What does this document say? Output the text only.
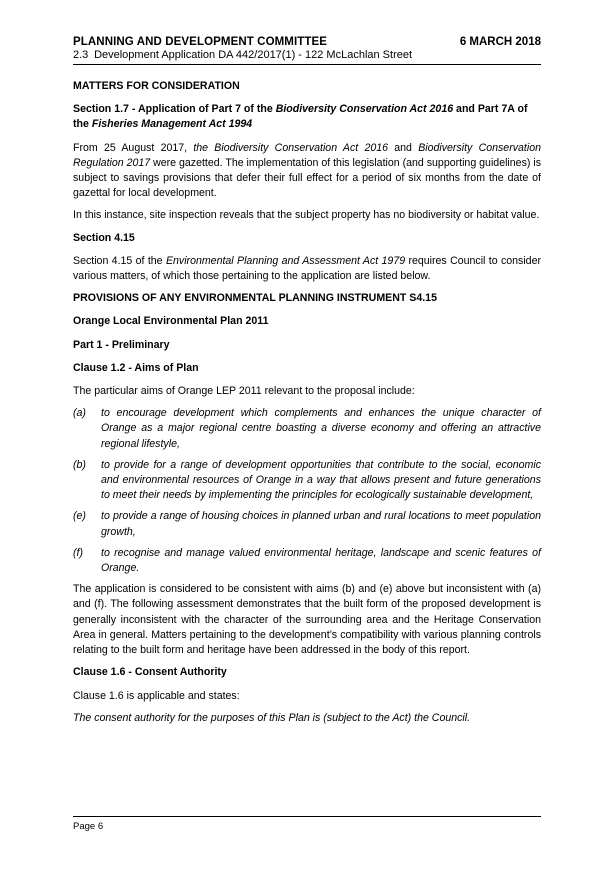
PLANNING AND DEVELOPMENT COMMITTEE	6 MARCH 2018
2.3 Development Application DA 442/2017(1) - 122 McLachlan Street
MATTERS FOR CONSIDERATION
Section 1.7 - Application of Part 7 of the Biodiversity Conservation Act 2016 and Part 7A of the Fisheries Management Act 1994

From 25 August 2017, the Biodiversity Conservation Act 2016 and Biodiversity Conservation Regulation 2017 were gazetted. The implementation of this legislation (and supporting guidelines) is subject to savings provisions that defer their full effect for a period of six months from the date of gazettal for local development.

In this instance, site inspection reveals that the subject property has no biodiversity or habitat value.

Section 4.15

Section 4.15 of the Environmental Planning and Assessment Act 1979 requires Council to consider various matters, of which those pertaining to the application are listed below.

PROVISIONS OF ANY ENVIRONMENTAL PLANNING INSTRUMENT S4.15
Orange Local Environmental Plan 2011
Part 1 - Preliminary
Clause 1.2 - Aims of Plan

The particular aims of Orange LEP 2011 relevant to the proposal include:

(a)	to encourage development which complements and enhances the unique character of Orange as a major regional centre boasting a diverse economy and offering an attractive regional lifestyle,
(b)	to provide for a range of development opportunities that contribute to the social, economic and environmental resources of Orange in a way that allows present and future generations to meet their needs by implementing the principles for ecologically sustainable development,
(e)	to provide a range of housing choices in planned urban and rural locations to meet population growth,
(f)	to recognise and manage valued environmental heritage, landscape and scenic features of Orange.

The application is considered to be consistent with aims (b) and (e) above but inconsistent with (a) and (f). The following assessment demonstrates that the built form of the proposed development is generally inconsistent with the character of the surrounding area and the Heritage Conservation Area in general. Matters pertaining to the development’s compatibility with various planning controls relating to the built form and heritage have been addressed in the body of this report.

Clause 1.6 - Consent Authority

Clause 1.6 is applicable and states:

The consent authority for the purposes of this Plan is (subject to the Act) the Council.

Page 6
